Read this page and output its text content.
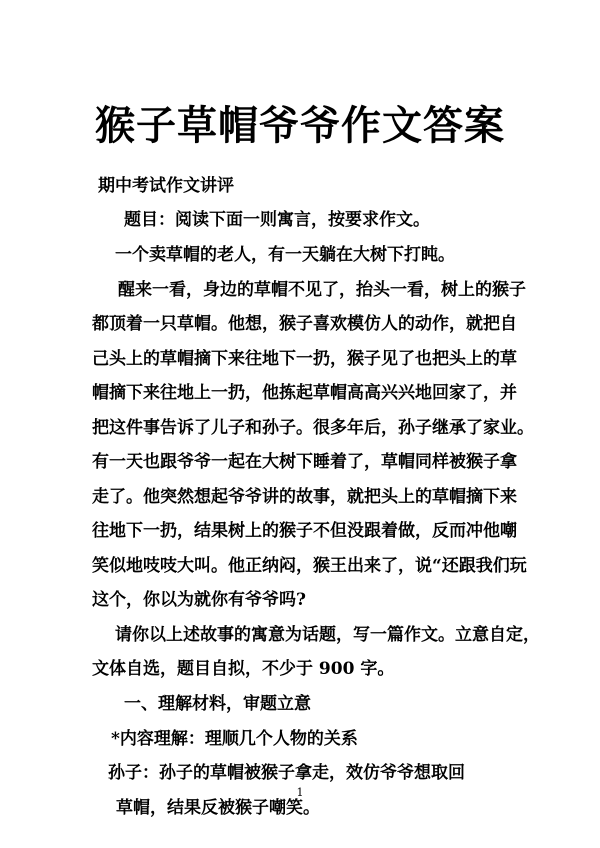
猴子草帽爷爷作文答案
期中考试作文讲评
题目：阅读下面一则寓言，按要求作文。
一个卖草帽的老人，有一天躺在大树下打盹。
醒来一看，身边的草帽不见了，抬头一看，树上的猴子
都顶着一只草帽。他想，猴子喜欢模仿人的动作，就把自
己头上的草帽摘下来往地下一扔，猴子见了也把头上的草
帽摘下来往地上一扔，他拣起草帽高高兴兴地回家了，并
把这件事告诉了儿子和孙子。很多年后，孙子继承了家业。
有一天也跟爷爷一起在大树下睡着了，草帽同样被猴子拿
走了。他突然想起爷爷讲的故事，就把头上的草帽摘下来
往地下一扔，结果树上的猴子不但没跟着做，反而冲他嘲
笑似地吱吱大叫。他正纳闷，猴王出来了，说“还跟我们玩
这个，你以为就你有爷爷吗?
请你以上述故事的寓意为话题，写一篇作文。立意自定，
文体自选，题目自拟，不少于 900 字。
一、理解材料，审题立意
*内容理解：理顺几个人物的关系
孙子：孙子的草帽被猴子拿走，效仿爷爷想取回
草帽，结果反被猴子嘲笑。
1
